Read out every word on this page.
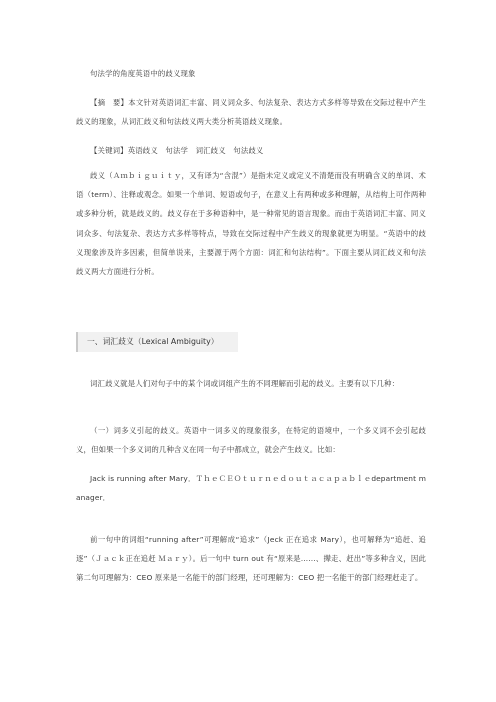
句法学的角度英语中的歧义现象

【摘　要】本文针对英语词汇丰富、同义词众多、句法复杂、表达方式多样等导致在交际过程中产生歧义的现象，从词汇歧义和句法歧义两大类分析英语歧义现象。

【关键词】英语歧义　句法学　词汇歧义　句法歧义

歧义（Ａｍｂｉｇｕｉｔｙ，又有译为“含混”）是指未定义或定义不清楚而没有明确含义的单词、术语（term）、注释或观念。如果一个单词、短语或句子，在意义上有两种或多种理解，从结构上可作两种或多种分析，就是歧义的。歧义存在于多种语种中，是一种常见的语言现象。而由于英语词汇丰富、同义词众多、句法复杂、表达方式多样等特点，导致在交际过程中产生歧义的现象就更为明显。“英语中的歧义现象涉及许多因素，但简单说来，主要源于两个方面：词汇和句法结构”。下面主要从词汇歧义和句法歧义两大方面进行分析。

一、词汇歧义（Lexical Ambiguity）

词汇歧义就是人们对句子中的某个词或词组产生的不同理解而引起的歧义。主要有以下几种：

（一）词多义引起的歧义。英语中一词多义的现象很多，在特定的语境中，一个多义词不会引起歧义，但如果一个多义词的几种含义在同一句子中都成立，就会产生歧义。比如：

Jack is running after Mary．ＴｈｅＣＥＯｔｕｒｎｅｄｏｕｔａｃａｐａｂｌｅdepartment manager．

前一句中的词组“running after”可理解成“追求”（Jeck 正在追求 Mary），也可解释为“追赶、追逐”（Ｊａｃｋ正在追赶 Ｍａｒｙ）。后一句中 turn out 有“原来是……、撵走、赶出”等多种含义，因此第二句可理解为：CEO 原来是一名能干的部门经理，还可理解为：CEO 把一名能干的部门经理赶走了。
